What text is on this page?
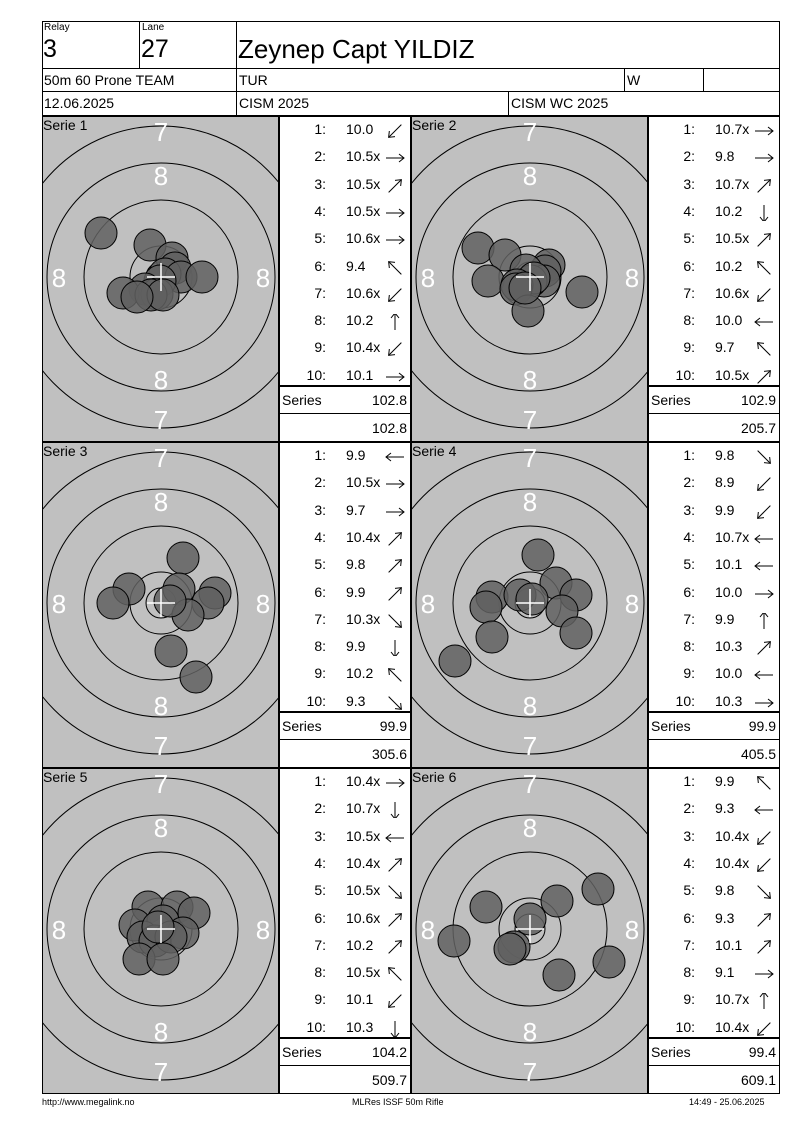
Relay
3
Lane
27	Zeynep Capt YILDIZ
50m 60 Prone TEAM	TUR	W
12.06.2025	CISM 2025	CISM WC 2025
7
7
8
8
8	8
Serie 1	1: 10.0
2: 10.5x
3: 10.5x
4: 10.5x
5: 10.6x
6: 9.4
7: 10.6x
8: 10.2
9: 10.4x
10: 10.1
Series	102.8
102.8
7
7
8
8
8	8
Serie 2	1: 10.7x
2: 9.8
3: 10.7x
4: 10.2
5: 10.5x
6: 10.2
7: 10.6x
8: 10.0
9: 9.7
10: 10.5x
Series	102.9
205.7
7
7
8
8
8	8
Serie 3	1: 9.9
2: 10.5x
3: 9.7
4: 10.4x
5: 9.8
6: 9.9
7: 10.3x
8: 9.9
9: 10.2
10: 9.3
Series	99.9
305.6
7
7
8
8
8	8
Serie 4	1: 9.8
2: 8.9
3: 9.9
4: 10.7x
5: 10.1
6: 10.0
7: 9.9
8: 10.3
9: 10.0
10: 10.3
Series	99.9
405.5
7
7
8
8
8	8
Serie 5	1: 10.4x
2: 10.7x
3: 10.5x
4: 10.4x
5: 10.5x
6: 10.6x
7: 10.2
8: 10.5x
9: 10.1
10: 10.3
Series	104.2
509.7
7
7
8
8
8	8
Serie 6	1: 9.9
2: 9.3
3: 10.4x
4: 10.4x
5: 9.8
6: 9.3
7: 10.1
8: 9.1
9: 10.7x
10: 10.4x
Series	99.4
609.1
http://www.megalink.no	MLRes ISSF 50m Rifle	14:49 - 25.06.2025
